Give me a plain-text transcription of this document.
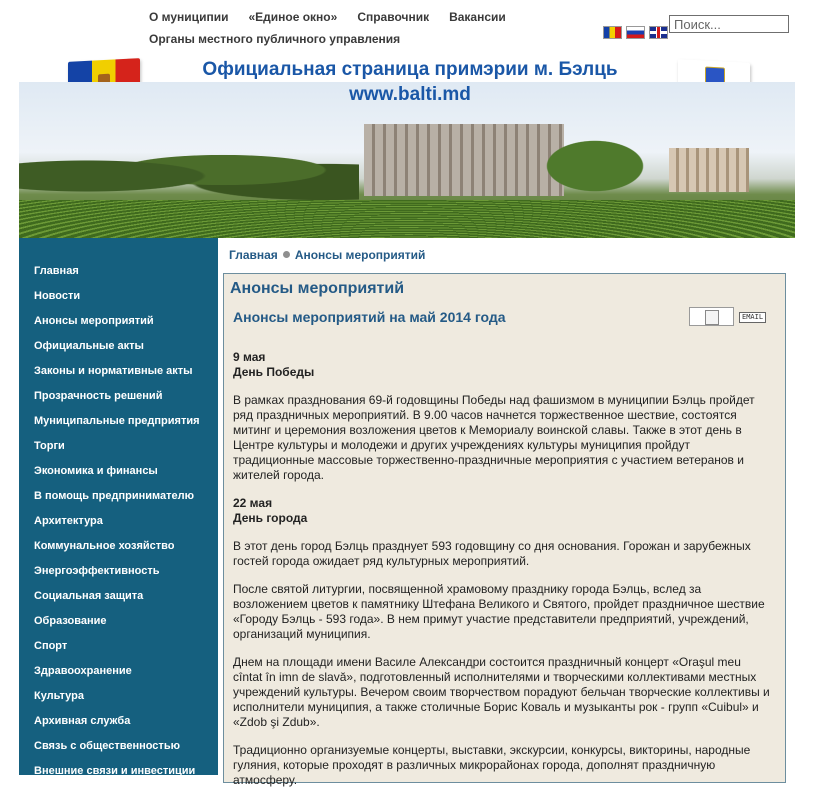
О муниципии «Единое окно» Справочник Вакансии
Органы местного публичного управления
Поиск...
Официальная страница примэрии м. Бэлць
www.balti.md
Главная
Новости
Анонсы мероприятий
Официальные акты
Законы и нормативные акты
Прозрачность решений
Муниципальные предприятия
Торги
Экономика и финансы
В помощь предпринимателю
Архитектура
Коммунальное хозяйство
Энергоэффективность
Социальная защита
Образование
Спорт
Здравоохранение
Культура
Архивная служба
Связь с общественностью
Внешние связи и инвестиции
Главная Анонсы мероприятий
Анонсы мероприятий
Анонсы мероприятий на май 2014 года	EMAIL
9 мая
День Победы

В рамках празднования 69-й годовщины Победы над фашизмом в муниципии Бэлць пройдет ряд праздничных мероприятий. В 9.00 часов начнется торжественное шествие, состоятся митинг и церемония возложения цветов к Мемориалу воинской славы. Также в этот день в Центре культуры и молодежи и других учреждениях культуры муниципия пройдут традиционные массовые торжественно-праздничные мероприятия с участием ветеранов и жителей города.

22 мая
День города

В этот день город Бэлць празднует 593 годовщину со дня основания. Горожан и зарубежных гостей города ожидает ряд культурных мероприятий.

После святой литургии, посвященной храмовому празднику города Бэлць, вслед за возложением цветов к памятнику Штефана Великого и Святого, пройдет праздничное шествие «Городу Бэлць - 593 года». В нем примут участие представители предприятий, учреждений, организаций муниципия.

Днем на площади имени Василе Александри состоится праздничный концерт «Oraşul meu cîntat în imn de slavă», подготовленный исполнителями и творческими коллективами местных учреждений культуры. Вечером своим творчеством порадуют бельчан творческие коллективы и исполнители муниципия, а также столичные Борис Коваль и музыканты рок - групп «Cuibul» и «Zdob şi Zdub».

Традиционно организуемые концерты, выставки, экскурсии, конкурсы, викторины, народные гуляния, которые проходят в различных микрорайонах города, дополнят праздничную атмосферу.
